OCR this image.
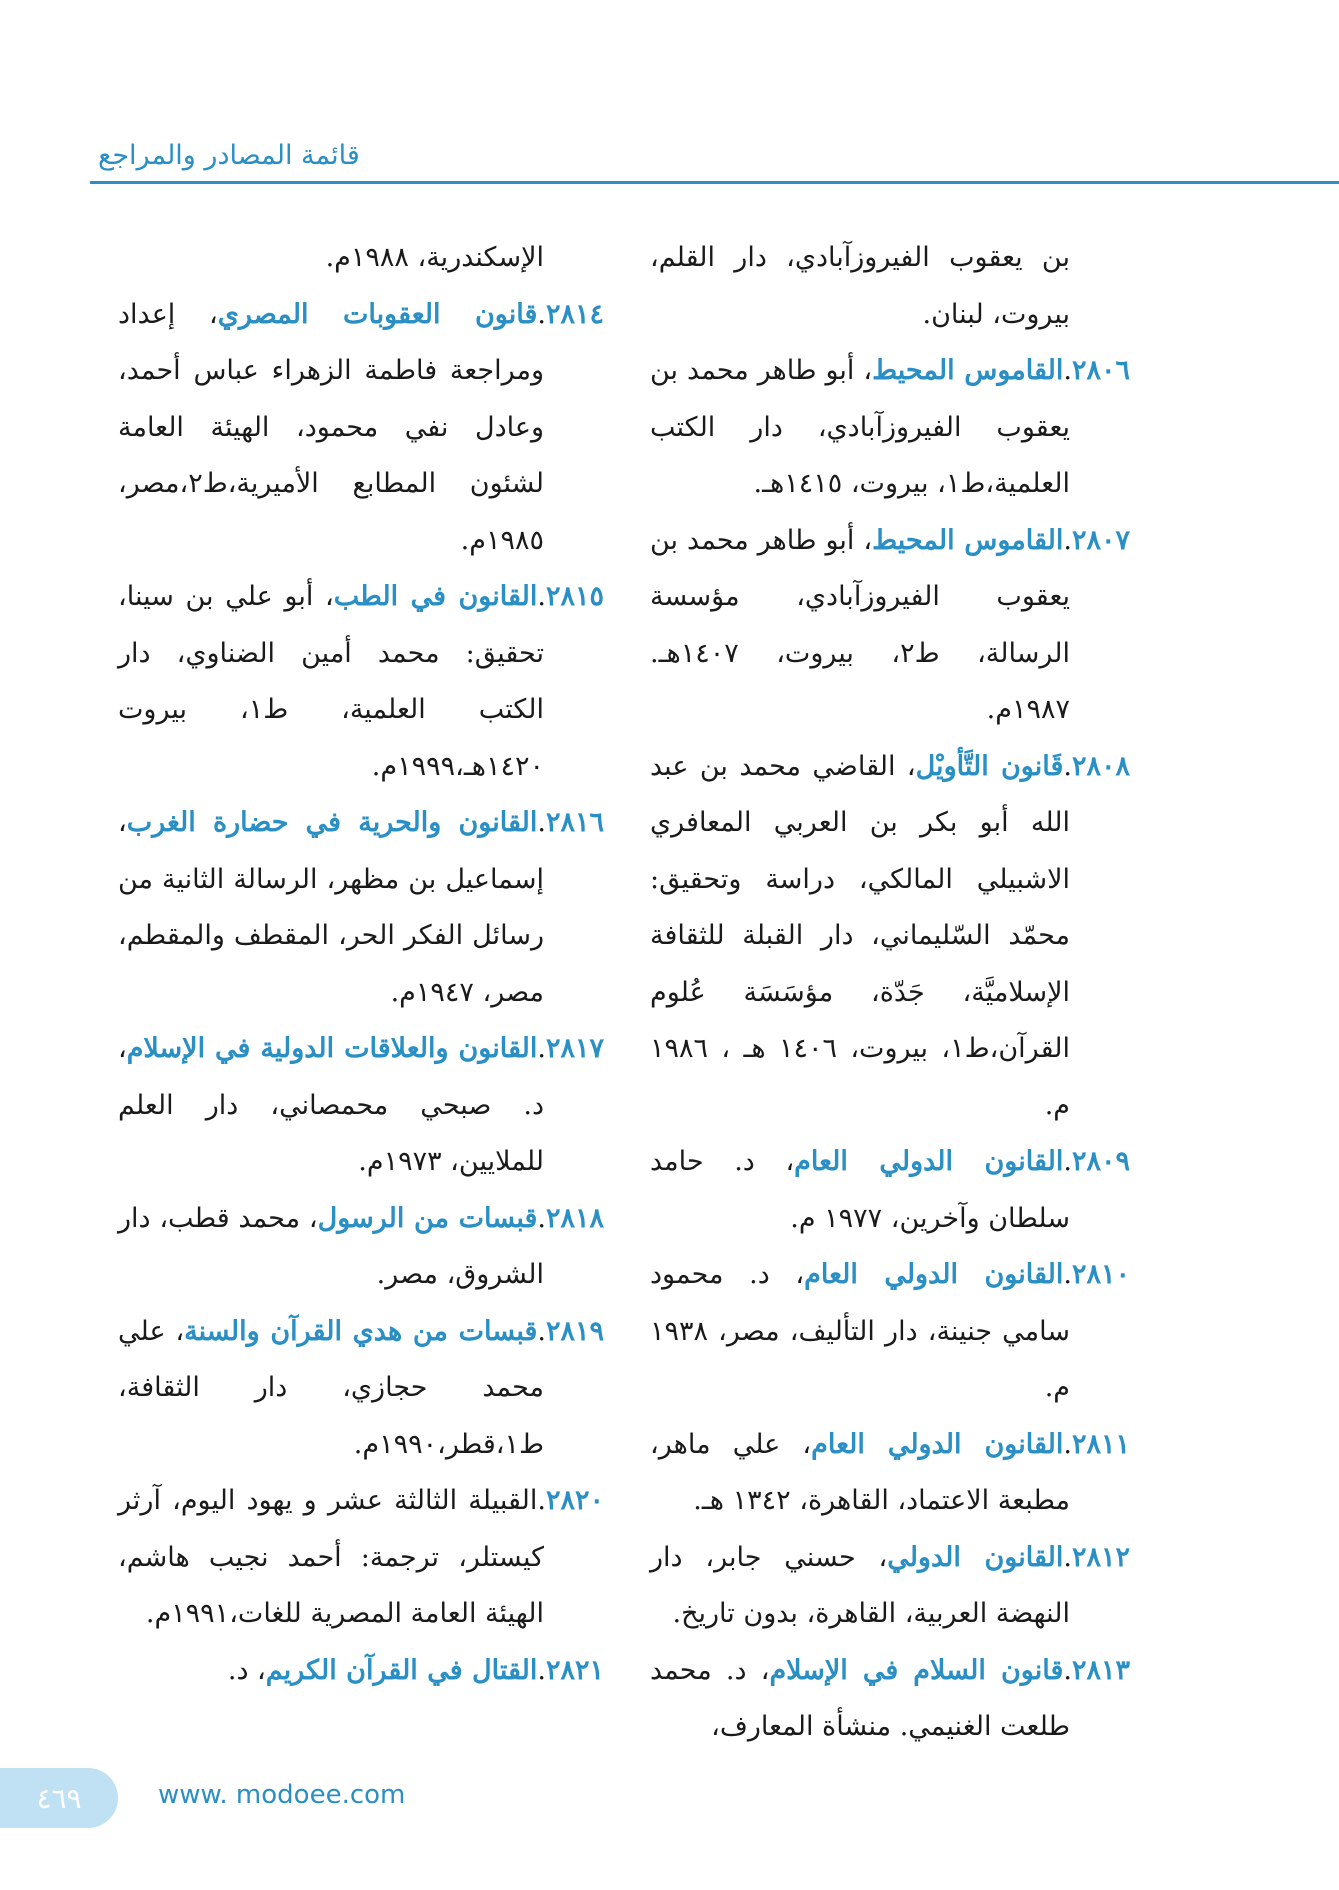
قائمة المصادر والمراجع
بن يعقوب الفيروزآبادي، دار القلم، بيروت، لبنان.
٢٨٠٦.القاموس المحيط، أبو طاهر محمد بن يعقوب الفيروزآبادي، دار الكتب العلمية،ط١، بيروت، ١٤١٥هـ.
٢٨٠٧.القاموس المحيط، أبو طاهر محمد بن يعقوب الفيروزآبادي، مؤسسة الرسالة، ط٢، بيروت، ١٤٠٧هـ. ١٩٨٧م.
٢٨٠٨.قَانون التَّأويْل، القاضي محمد بن عبد الله أبو بكر بن العربي المعافري الاشبيلي المالكي، دراسة وتحقيق: محمّد السّليماني، دار القبلة للثقافة الإسلاميَّة، جَدّة، مؤسَسَة عُلوم القرآن،ط١، بيروت، ١٤٠٦ هـ ، ١٩٨٦ م.
٢٨٠٩.القانون الدولي العام، د. حامد سلطان وآخرين، ١٩٧٧ م.
٢٨١٠.القانون الدولي العام، د. محمود سامي جنينة، دار التأليف، مصر، ١٩٣٨ م.
٢٨١١.القانون الدولي العام، علي ماهر، مطبعة الاعتماد، القاهرة، ١٣٤٢ هـ.
٢٨١٢.القانون الدولي، حسني جابر، دار النهضة العربية، القاهرة، بدون تاريخ.
٢٨١٣.قانون السلام في الإسلام، د. محمد طلعت الغنيمي. منشأة المعارف،
الإسكندرية، ١٩٨٨م.
٢٨١٤.قانون العقوبات المصري، إعداد ومراجعة فاطمة الزهراء عباس أحمد، وعادل نفي محمود، الهيئة العامة لشئون المطابع الأميرية،ط٢،مصر، ١٩٨٥م.
٢٨١٥.القانون في الطب، أبو علي بن سينا، تحقيق: محمد أمين الضناوي، دار الكتب العلمية، ط١، بيروت ١٤٢٠هـ،١٩٩٩م.
٢٨١٦.القانون والحرية في حضارة الغرب، إسماعيل بن مظهر، الرسالة الثانية من رسائل الفكر الحر، المقطف والمقطم، مصر، ١٩٤٧م.
٢٨١٧.القانون والعلاقات الدولية في الإسلام، د. صبحي محمصاني، دار العلم للملايين، ١٩٧٣م.
٢٨١٨.قبسات من الرسول، محمد قطب، دار الشروق، مصر.
٢٨١٩.قبسات من هدي القرآن والسنة، علي محمد حجازي، دار الثقافة، ط١،قطر،١٩٩٠م.
٢٨٢٠.القبيلة الثالثة عشر و يهود اليوم، آرثر كيستلر، ترجمة: أحمد نجيب هاشم، الهيئة العامة المصرية للغات،١٩٩١م.
٢٨٢١.القتال في القرآن الكريم، د.
٤٦٩	www. modoee.com
